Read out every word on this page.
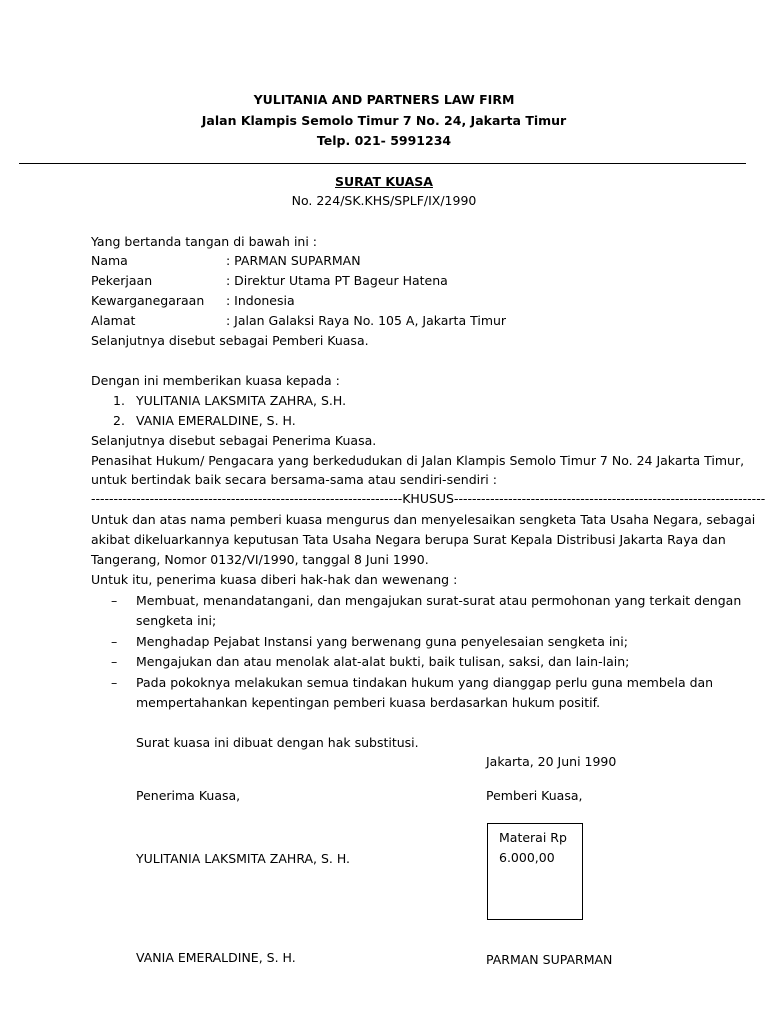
YULITANIA AND PARTNERS LAW FIRM
Jalan Klampis Semolo Timur 7 No. 24, Jakarta Timur
Telp. 021- 5991234
SURAT KUASA
No. 224/SK.KHS/SPLF/IX/1990
Yang bertanda tangan di bawah ini :
Nama	: PARMAN SUPARMAN
Pekerjaan	: Direktur Utama PT Bageur Hatena
Kewarganegaraan : Indonesia
Alamat	: Jalan Galaksi Raya No. 105 A, Jakarta Timur
Selanjutnya disebut sebagai Pemberi Kuasa.
Dengan ini memberikan kuasa kepada :
1. YULITANIA LAKSMITA ZAHRA, S.H.
2. VANIA EMERALDINE, S. H.
Selanjutnya disebut sebagai Penerima Kuasa.
Penasihat Hukum/ Pengacara yang berkedudukan di Jalan Klampis Semolo Timur 7 No. 24 Jakarta Timur,
untuk bertindak baik secara bersama-sama atau sendiri-sendiri :
---------------------------------------------------------------------KHUSUS---------------------------------------------------------------------
Untuk dan atas nama pemberi kuasa mengurus dan menyelesaikan sengketa Tata Usaha Negara, sebagai
akibat dikeluarkannya keputusan Tata Usaha Negara berupa Surat Kepala Distribusi Jakarta Raya dan
Tangerang, Nomor 0132/VI/1990, tanggal 8 Juni 1990.
Untuk itu, penerima kuasa diberi hak-hak dan wewenang :
– Membuat, menandatangani, dan mengajukan surat-surat atau permohonan yang terkait dengan
sengketa ini;
– Menghadap Pejabat Instansi yang berwenang guna penyelesaian sengketa ini;
– Mengajukan dan atau menolak alat-alat bukti, baik tulisan, saksi, dan lain-lain;
– Pada pokoknya melakukan semua tindakan hukum yang dianggap perlu guna membela dan
mempertahankan kepentingan pemberi kuasa berdasarkan hukum positif.
Surat kuasa ini dibuat dengan hak substitusi.
Jakarta, 20 Juni 1990
Penerima Kuasa,	Pemberi Kuasa,
Materai Rp
6.000,00
YULITANIA LAKSMITA ZAHRA, S. H.
VANIA EMERALDINE, S. H.	PARMAN SUPARMAN
